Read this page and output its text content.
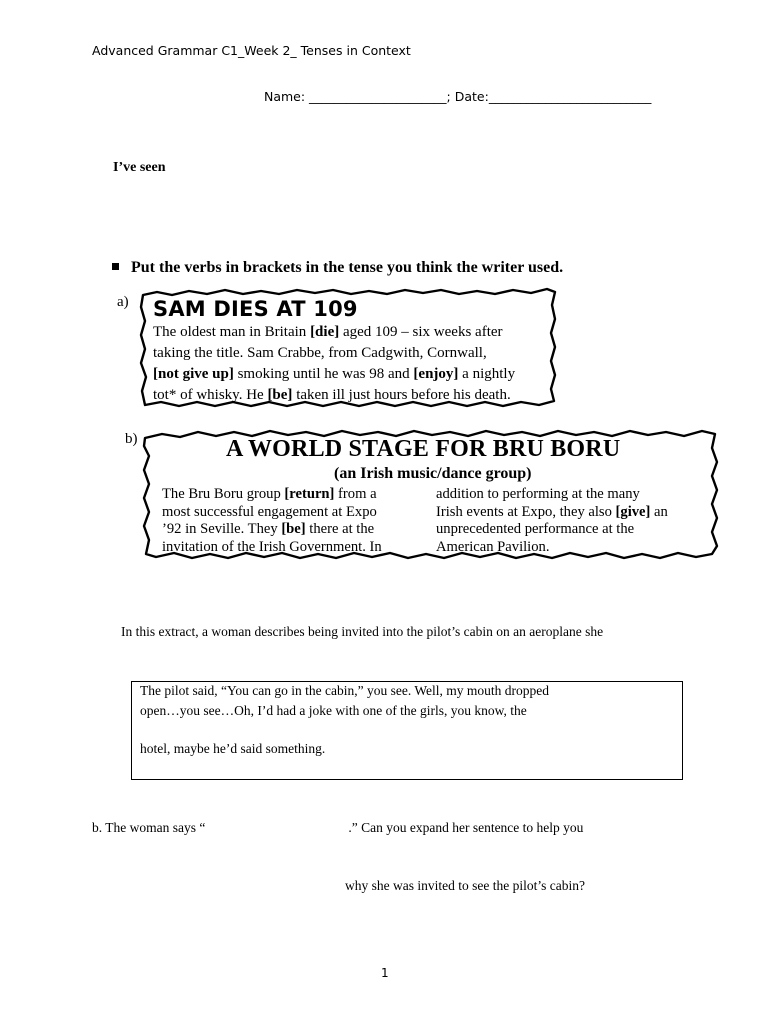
Advanced Grammar C1_Week 2_ Tenses in Context
Name: ______________________; Date:__________________________
I’ve seen
Put the verbs in brackets in the tense you think the writer used.
a) SAM DIES AT 109
The oldest man in Britain [die] aged 109 – six weeks after
taking the title. Sam Crabbe, from Cadgwith, Cornwall,
[not give up] smoking until he was 98 and [enjoy] a nightly
tot* of whisky. He [be] taken ill just hours before his death.
b)	A WORLD STAGE FOR BRU BORU
(an Irish music/dance group)
The Bru Boru group [return] from a
most successful engagement at Expo
’92 in Seville. They [be] there at the
invitation of the Irish Government. In
addition to performing at the many
Irish events at Expo, they also [give] an
unprecedented performance at the
American Pavilion.
In this extract, a woman describes being invited into the pilot’s cabin on an aeroplane she
The pilot said, “You can go in the cabin,” you see. Well, my mouth dropped
open…you see…Oh, I’d had a joke with one of the girls, you know, the
hotel, maybe he’d said something.
b. The woman says “	.” Can you expand her sentence to help you
why she was invited to see the pilot’s cabin?
1
